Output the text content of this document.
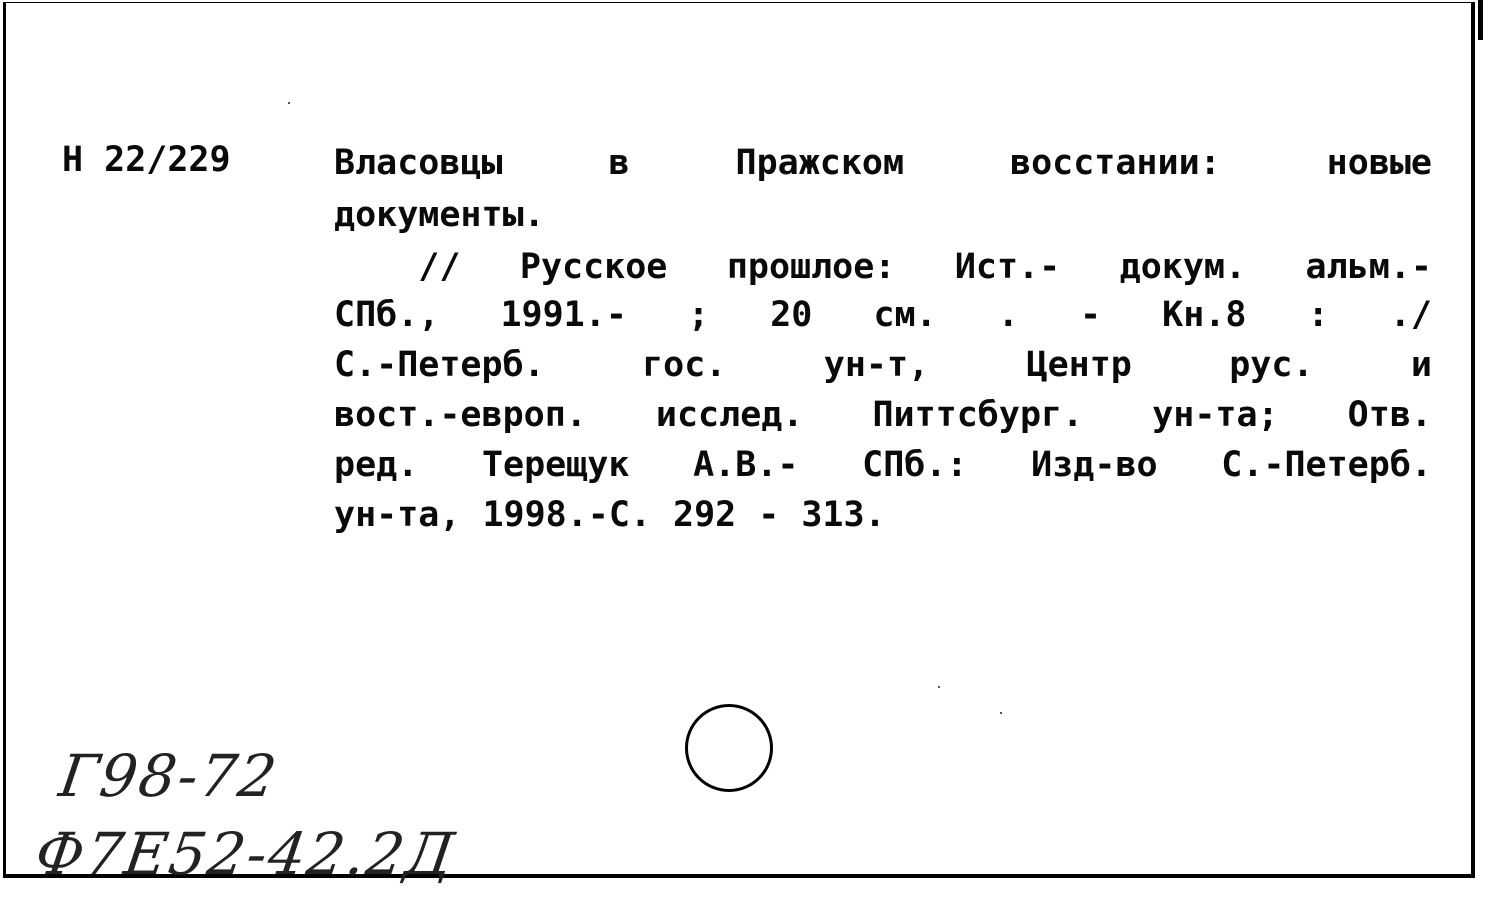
Н 22/229	Власовцы	в	Пражском	восстании:	новые
документы.
// Русское прошлое: Ист.- докум. альм.-
СПб., 1991.- ; 20 см. . - Кн.8 : ./
С.-Петерб.	гос.	ун-т,	Центр	рус.	и
вост.-европ. исслед. Питтсбург. ун-та; Отв.
ред. Терещук А.В.- СПб.: Изд-во С.-Петерб.
ун-та, 1998.-С. 292 - 313.
Г98-72
Ф7Е52-42.2Д
